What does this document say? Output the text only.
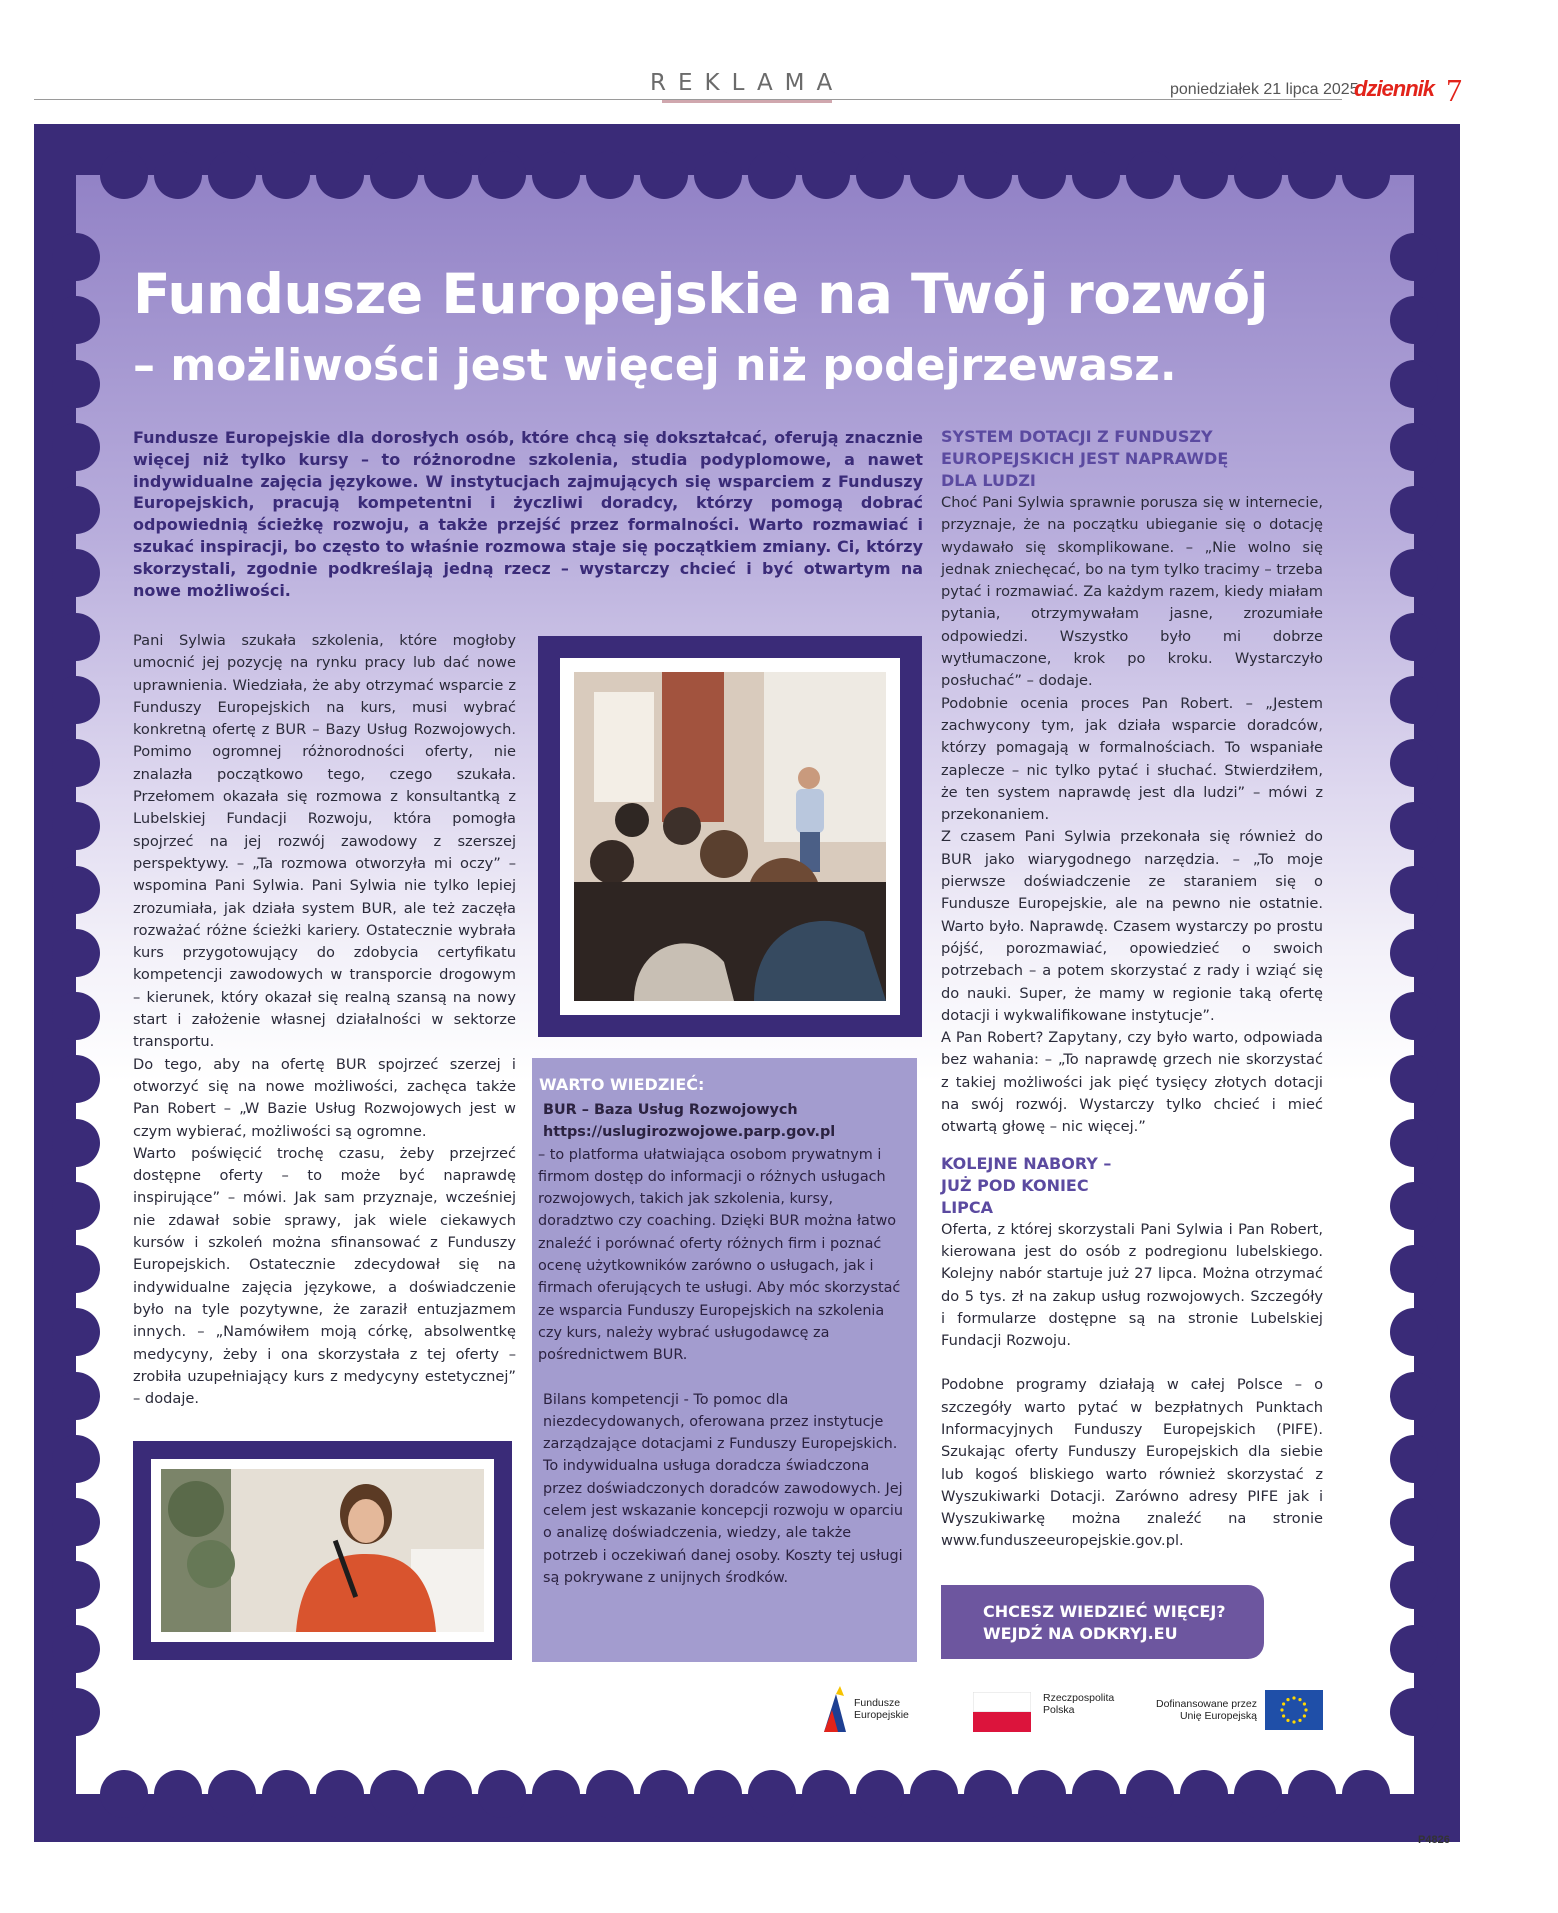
REKLAMA	poniedziałek 21 lipca 2025
dziennik 7
Fundusze Europejskie na Twój rozwój
– możliwości jest więcej niż podejrzewasz.
Fundusze Europejskie dla dorosłych osób, które chcą się dokształcać, oferują znacznie więcej niż tylko kursy – to różnorodne szkolenia, studia podyplomowe, a nawet indywidualne zajęcia językowe. W instytucjach zajmujących się wsparciem z Funduszy Europejskich, pracują kompetentni i życzliwi doradcy, którzy pomogą dobrać odpowiednią ścieżkę rozwoju, a także przejść przez formalności. Warto rozmawiać i szukać inspiracji, bo często to właśnie rozmowa staje się początkiem zmiany. Ci, którzy skorzystali, zgodnie podkreślają jedną rzecz – wystarczy chcieć i być otwartym na nowe możliwości.

Pani Sylwia szukała szkolenia, które mogłoby umocnić jej pozycję na rynku pracy lub dać nowe uprawnienia. Wiedziała, że aby otrzymać wsparcie z Funduszy Europejskich na kurs, musi wybrać konkretną ofertę z BUR – Bazy Usług Rozwojowych. Pomimo ogromnej różnorodności oferty, nie znalazła początkowo tego, czego szukała. Przełomem okazała się rozmowa z konsultantką z Lubelskiej Fundacji Rozwoju, która pomogła spojrzeć na jej rozwój zawodowy z szerszej perspektywy. – „Ta rozmowa otworzyła mi oczy” – wspomina Pani Sylwia. Pani Sylwia nie tylko lepiej zrozumiała, jak działa system BUR, ale też zaczęła rozważać różne ścieżki kariery. Ostatecznie wybrała kurs przygotowujący do zdobycia certyfikatu kompetencji zawodowych w transporcie drogowym – kierunek, który okazał się realną szansą na nowy start i założenie własnej działalności w sektorze transportu.

Do tego, aby na ofertę BUR spojrzeć szerzej i otworzyć się na nowe możliwości, zachęca także Pan Robert – „W Bazie Usług Rozwojowych jest w czym wybierać, możliwości są ogromne.

Warto poświęcić trochę czasu, żeby przejrzeć dostępne oferty – to może być naprawdę inspirujące” – mówi. Jak sam przyznaje, wcześniej nie zdawał sobie sprawy, jak wiele ciekawych kursów i szkoleń można sfinansować z Funduszy Europejskich. Ostatecznie zdecydował się na indywidualne zajęcia językowe, a doświadczenie było na tyle pozytywne, że zaraził entuzjazmem innych. – „Namówiłem moją córkę, absolwentkę medycyny, żeby i ona skorzystała z tej oferty – zrobiła uzupełniający kurs z medycyny estetycznej” – dodaje.

WARTO WIEDZIEĆ:

BUR – Baza Usług Rozwojowych

https://uslugirozwojowe.parp.gov.pl

– to platforma ułatwiająca osobom prywatnym i firmom dostęp do informacji o różnych usługach rozwojowych, takich jak szkolenia, kursy, doradztwo czy coaching. Dzięki BUR można łatwo znaleźć i porównać oferty różnych firm i poznać ocenę użytkowników zarówno o usługach, jak i firmach oferujących te usługi. Aby móc skorzystać ze wsparcia Funduszy Europejskich na szkolenia czy kurs, należy wybrać usługodawcę za pośrednictwem BUR.

Bilans kompetencji - To pomoc dla niezdecydowanych, oferowana przez instytucje zarządzające dotacjami z Funduszy Europejskich.

To indywidualna usługa doradcza świadczona przez doświadczonych doradców zawodowych. Jej celem jest wskazanie koncepcji rozwoju w oparciu o analizę doświadczenia, wiedzy, ale także potrzeb i oczekiwań danej osoby. Koszty tej usługi są pokrywane z unijnych środków.

SYSTEM DOTACJI Z FUNDUSZY EUROPEJSKICH JEST NAPRAWDĘ DLA LUDZI

Choć Pani Sylwia sprawnie porusza się w internecie, przyznaje, że na początku ubieganie się o dotację wydawało się skomplikowane. – „Nie wolno się jednak zniechęcać, bo na tym tylko tracimy – trzeba pytać i rozmawiać. Za każdym razem, kiedy miałam pytania, otrzymywałam jasne, zrozumiałe odpowiedzi. Wszystko było mi dobrze wytłumaczone, krok po kroku. Wystarczyło posłuchać” – dodaje.

Podobnie ocenia proces Pan Robert. – „Jestem zachwycony tym, jak działa wsparcie doradców, którzy pomagają w formalnościach. To wspaniałe zaplecze – nic tylko pytać i słuchać. Stwierdziłem, że ten system naprawdę jest dla ludzi” – mówi z przekonaniem.

Z czasem Pani Sylwia przekonała się również do BUR jako wiarygodnego narzędzia. – „To moje pierwsze doświadczenie ze staraniem się o Fundusze Europejskie, ale na pewno nie ostatnie. Warto było. Naprawdę. Czasem wystarczy po prostu pójść, porozmawiać, opowiedzieć o swoich potrzebach – a potem skorzystać z rady i wziąć się do nauki. Super, że mamy w regionie taką ofertę dotacji i wykwalifikowane instytucje”.

A Pan Robert? Zapytany, czy było warto, odpowiada bez wahania: – „To naprawdę grzech nie skorzystać z takiej możliwości jak pięć tysięcy złotych dotacji na swój rozwój. Wystarczy tylko chcieć i mieć otwartą głowę – nic więcej.”

KOLEJNE NABORY – JUŻ POD KONIEC LIPCA

Oferta, z której skorzystali Pani Sylwia i Pan Robert, kierowana jest do osób z podregionu lubelskiego. Kolejny nabór startuje już 27 lipca. Można otrzymać do 5 tys. zł na zakup usług rozwojowych. Szczegóły i formularze dostępne są na stronie Lubelskiej Fundacji Rozwoju.

Podobne programy działają w całej Polsce – o szczegóły warto pytać w bezpłatnych Punktach Informacyjnych Funduszy Europejskich (PIFE). Szukając oferty Funduszy Europejskich dla siebie lub kogoś bliskiego warto również skorzystać z Wyszukiwarki Dotacji. Zarówno adresy PIFE jak i Wyszukiwarkę można znaleźć na stronie www.funduszeeuropejskie.gov.pl.

CHCESZ WIEDZIEĆ WIĘCEJ?
WEJDŹ NA ODKRYJ.EU
Fundusze
Europejskie
Rzeczpospolita
Polska	Dofinansowane przez
Unię Europejską
P4826
